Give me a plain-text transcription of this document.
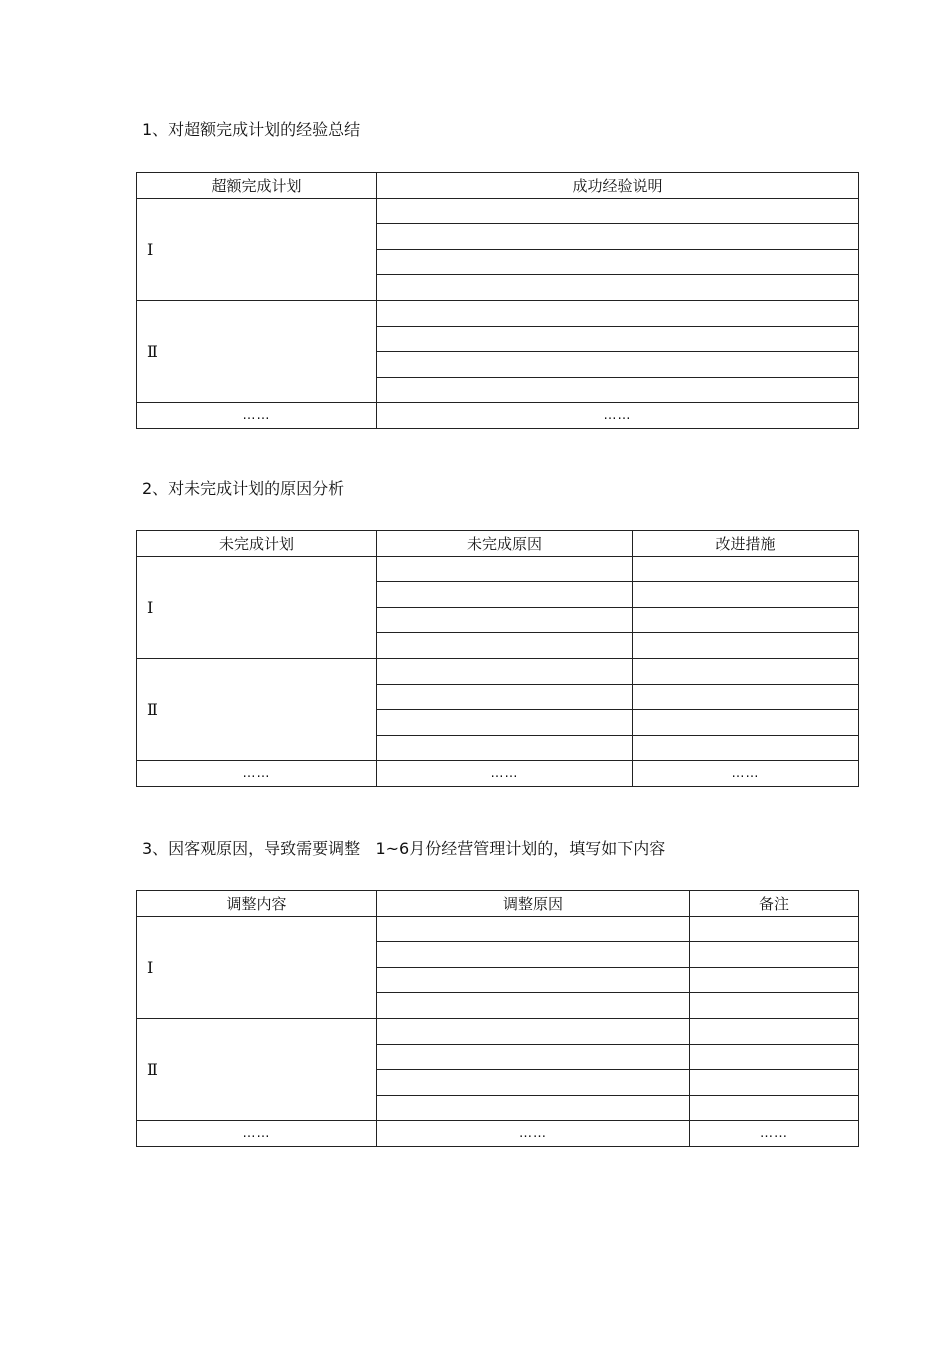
1、对超额完成计划的经验总结
超额完成计划	成功经验说明
Ⅰ	

Ⅱ	

……	……
2、对未完成计划的原因分析
未完成计划	未完成原因	改进措施
Ⅰ		

Ⅱ		

……	……	……
3、因客观原因，导致需要调整   1~6月份经营管理计划的，填写如下内容
调整内容	调整原因	备注
Ⅰ		

Ⅱ		

……	……	……
